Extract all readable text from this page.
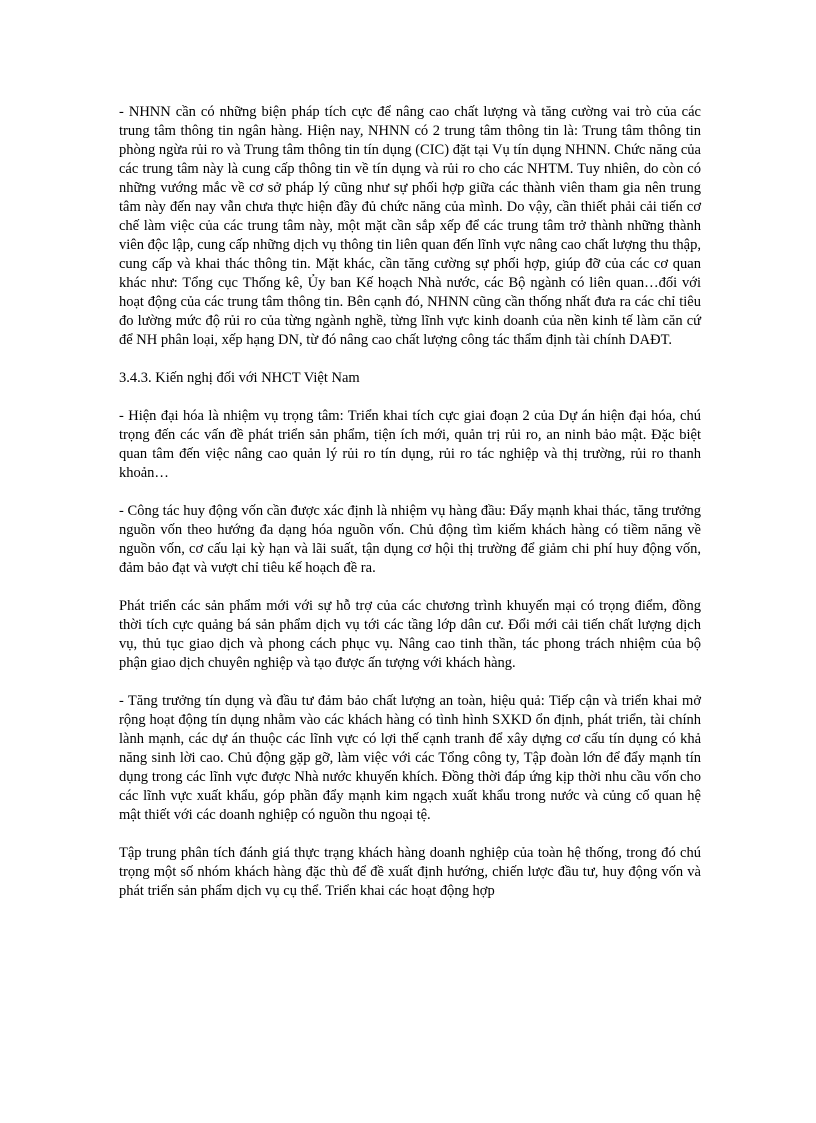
- NHNN cần có những biện pháp tích cực để nâng cao chất lượng và tăng cường vai trò của các trung tâm thông tin ngân hàng. Hiện nay, NHNN có 2 trung tâm thông tin là: Trung tâm thông tin phòng ngừa rủi ro và Trung tâm thông tin tín dụng (CIC) đặt tại Vụ tín dụng NHNN. Chức năng của các trung tâm này là cung cấp thông tin về tín dụng và rủi ro cho các NHTM. Tuy nhiên, do còn có những vướng mắc về cơ sở pháp lý cũng như sự phối hợp giữa các thành viên tham gia nên trung tâm này đến nay vẫn chưa thực hiện đầy đủ chức năng của mình. Do vậy, cần thiết phải cải tiến cơ chế làm việc của các trung tâm này, một mặt cần sắp xếp để các trung tâm trở thành những thành viên độc lập, cung cấp những dịch vụ thông tin liên quan đến lĩnh vực nâng cao chất lượng thu thập, cung cấp và khai thác thông tin. Mặt khác, cần tăng cường sự phối hợp, giúp đỡ của các cơ quan khác như: Tổng cục Thống kê, Ủy ban Kế hoạch Nhà nước, các Bộ ngành có liên quan…đối với hoạt động của các trung tâm thông tin. Bên cạnh đó, NHNN cũng cần thống nhất đưa ra các chỉ tiêu đo lường mức độ rủi ro của từng ngành nghề, từng lĩnh vực kinh doanh của nền kinh tế làm căn cứ để NH phân loại, xếp hạng DN, từ đó nâng cao chất lượng công tác thẩm định tài chính DAĐT.

3.4.3. Kiến nghị đối với NHCT Việt Nam

- Hiện đại hóa là nhiệm vụ trọng tâm: Triển khai tích cực giai đoạn 2 của Dự án hiện đại hóa, chú trọng đến các vấn đề phát triển sản phẩm, tiện ích mới, quản trị rủi ro, an ninh bảo mật. Đặc biệt quan tâm đến việc nâng cao quản lý rủi ro tín dụng, rủi ro tác nghiệp và thị trường, rủi ro thanh khoản…

- Công tác huy động vốn cần được xác định là nhiệm vụ hàng đầu: Đẩy mạnh khai thác, tăng trưởng nguồn vốn theo hướng đa dạng hóa nguồn vốn. Chủ động tìm kiếm khách hàng có tiềm năng về nguồn vốn, cơ cấu lại kỳ hạn và lãi suất, tận dụng cơ hội thị trường để giảm chi phí huy động vốn, đảm bảo đạt và vượt chỉ tiêu kế hoạch đề ra.

Phát triển các sản phẩm mới với sự hỗ trợ của các chương trình khuyến mại có trọng điểm, đồng thời tích cực quảng bá sản phẩm dịch vụ tới các tầng lớp dân cư. Đổi mới cải tiến chất lượng dịch vụ, thủ tục giao dịch và phong cách phục vụ. Nâng cao tinh thần, tác phong trách nhiệm của bộ phận giao dịch chuyên nghiệp và tạo được ấn tượng với khách hàng.

- Tăng trưởng tín dụng và đầu tư đảm bảo chất lượng an toàn, hiệu quả: Tiếp cận và triển khai mở rộng hoạt động tín dụng nhằm vào các khách hàng có tình hình SXKD ổn định, phát triển, tài chính lành mạnh, các dự án thuộc các lĩnh vực có lợi thế cạnh tranh để xây dựng cơ cấu tín dụng có khả năng sinh lời cao. Chủ động gặp gỡ, làm việc với các Tổng công ty, Tập đoàn lớn để đẩy mạnh tín dụng trong các lĩnh vực được Nhà nước khuyến khích. Đồng thời đáp ứng kịp thời nhu cầu vốn cho các lĩnh vực xuất khẩu, góp phần đẩy mạnh kim ngạch xuất khẩu trong nước và củng cố quan hệ mật thiết với các doanh nghiệp có nguồn thu ngoại tệ.

Tập trung phân tích đánh giá thực trạng khách hàng doanh nghiệp của toàn hệ thống, trong đó chú trọng một số nhóm khách hàng đặc thù để đề xuất định hướng, chiến lược đầu tư, huy động vốn và phát triển sản phẩm dịch vụ cụ thể. Triển khai các hoạt động hợp
